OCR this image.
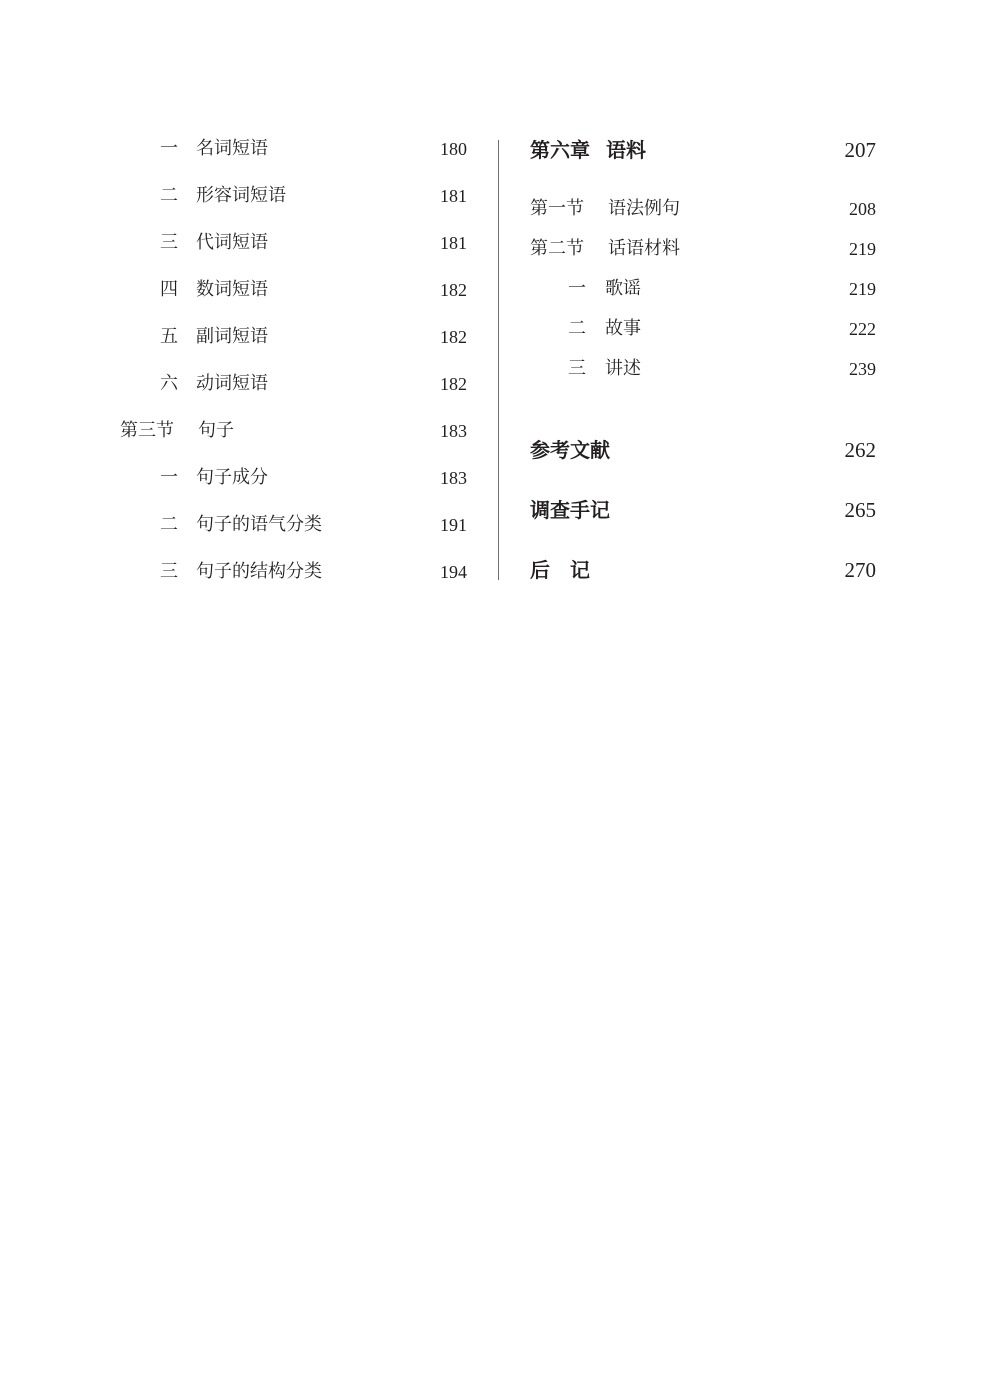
一 名词短语	180
二 形容词短语	181
三 代词短语	181
四 数词短语	182
五 副词短语	182
六 动词短语	182
第三节 句子	183
一 句子成分	183
二 句子的语气分类	191
三 句子的结构分类	194
第六章 语料	207
第一节 语法例句	208
第二节 话语材料	219
一 歌谣	219
二 故事	222
三 讲述	239
参考文献	262
调查手记	265
后　记	270
